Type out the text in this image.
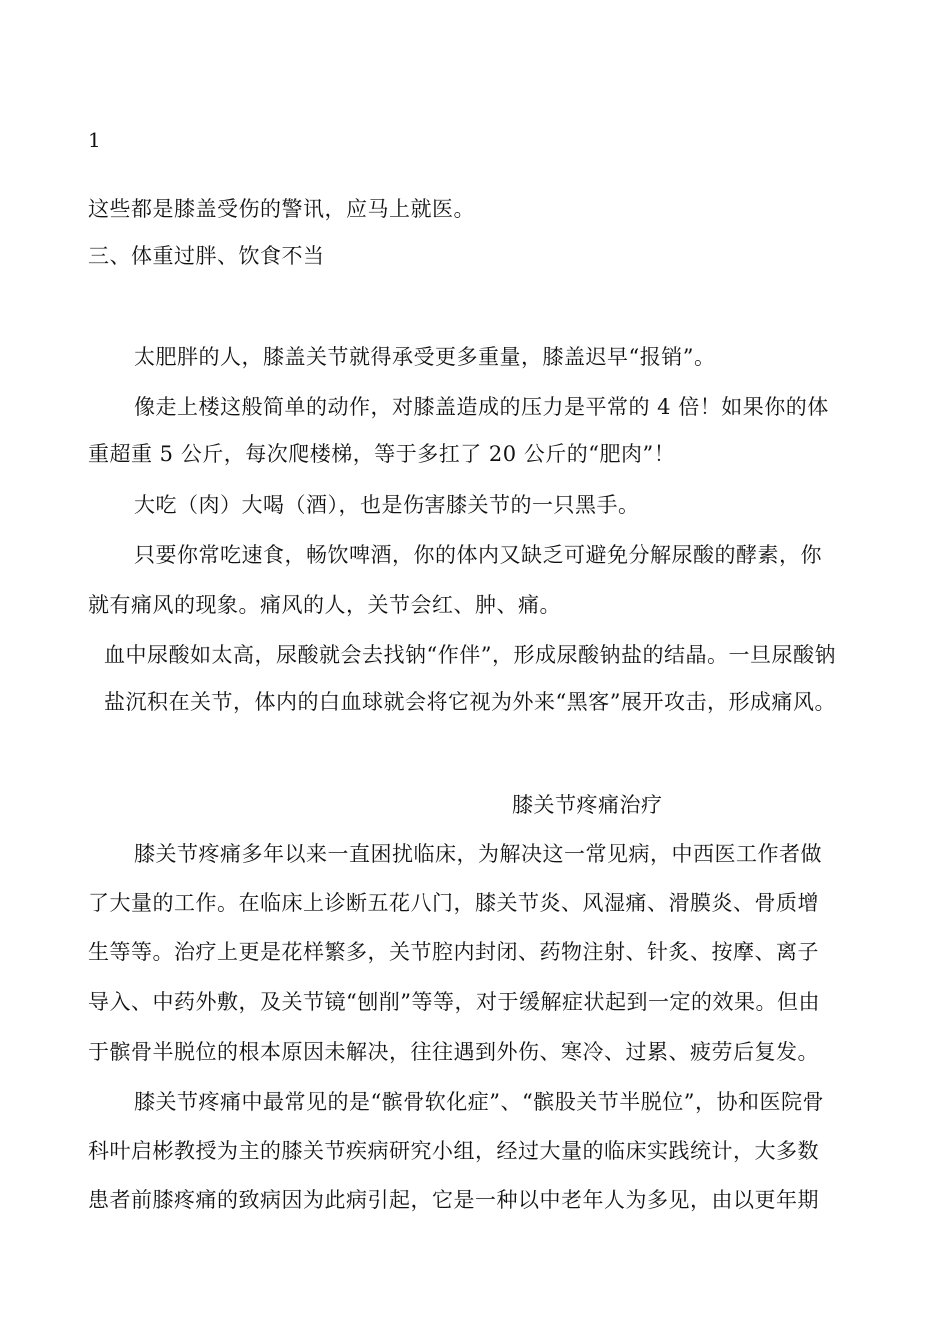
1
这些都是膝盖受伤的警讯，应马上就医。
三、体重过胖、饮食不当
太肥胖的人，膝盖关节就得承受更多重量，膝盖迟早“报销”。
像走上楼这般简单的动作，对膝盖造成的压力是平常的 4 倍！如果你的体
重超重 5 公斤，每次爬楼梯，等于多扛了 20 公斤的“肥肉”！
大吃（肉）大喝（酒），也是伤害膝关节的一只黑手。
只要你常吃速食，畅饮啤酒，你的体内又缺乏可避免分解尿酸的酵素，你
就有痛风的现象。痛风的人，关节会红、肿、痛。
血中尿酸如太高，尿酸就会去找钠“作伴”，形成尿酸钠盐的结晶。一旦尿酸钠
盐沉积在关节，体内的白血球就会将它视为外来“黑客”展开攻击，形成痛风。
膝关节疼痛治疗
膝关节疼痛多年以来一直困扰临床，为解决这一常见病，中西医工作者做
了大量的工作。在临床上诊断五花八门，膝关节炎、风湿痛、滑膜炎、骨质增
生等等。治疗上更是花样繁多，关节腔内封闭、药物注射、针炙、按摩、离子
导入、中药外敷，及关节镜“刨削”等等，对于缓解症状起到一定的效果。但由
于髌骨半脱位的根本原因未解决，往往遇到外伤、寒冷、过累、疲劳后复发。
膝关节疼痛中最常见的是“髌骨软化症”、“髌股关节半脱位”，协和医院骨
科叶启彬教授为主的膝关节疾病研究小组，经过大量的临床实践统计，大多数
患者前膝疼痛的致病因为此病引起，它是一种以中老年人为多见，由以更年期
